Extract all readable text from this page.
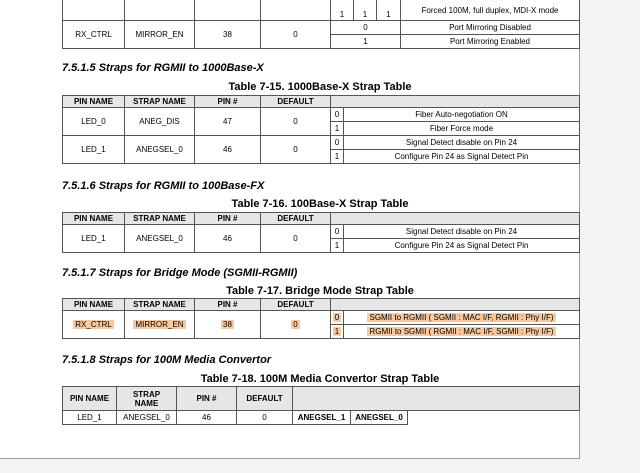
				1	1	1	Forced 100M, full duplex, MDI-X mode
RX_CTRL	MIRROR_EN	38	0	0	Port Mirroring Disabled
				1	Port Mirroring Enabled
7.5.1.5 Straps for RGMII to 1000Base-X
Table 7-15. 1000Base-X Strap Table
PIN NAME	STRAP NAME	PIN #	DEFAULT		
LED_0	ANEG_DIS	47	0	0	Fiber Auto-negotiation ON
				1	Fiber Force mode
LED_1	ANEGSEL_0	46	0	0	Signal Detect disable on Pin 24
				1	Configure Pin 24 as Signal Detect Pin
7.5.1.6 Straps for RGMII to 100Base-FX
Table 7-16. 100Base-X Strap Table
PIN NAME	STRAP NAME	PIN #	DEFAULT		
LED_1	ANEGSEL_0	46	0	0	Signal Detect disable on Pin 24
				1	Configure Pin 24 as Signal Detect Pin
7.5.1.7 Straps for Bridge Mode (SGMII-RGMII)
Table 7-17. Bridge Mode Strap Table
PIN NAME	STRAP NAME	PIN #	DEFAULT		
RX_CTRL	MIRROR_EN	38	0	0	SGMII to RGMII ( SGMII : MAC I/F, RGMII : Phy I/F)
				1	RGMII to SGMII ( RGMII : MAC I/F, SGMII : Phy I/F)
7.5.1.8 Straps for 100M Media Convertor
Table 7-18. 100M Media Convertor Strap Table
PIN NAME	STRAP NAME	PIN #	DEFAULT			
LED_1	ANEGSEL_0	46	0	ANEGSEL_1	ANEGSEL_0	
